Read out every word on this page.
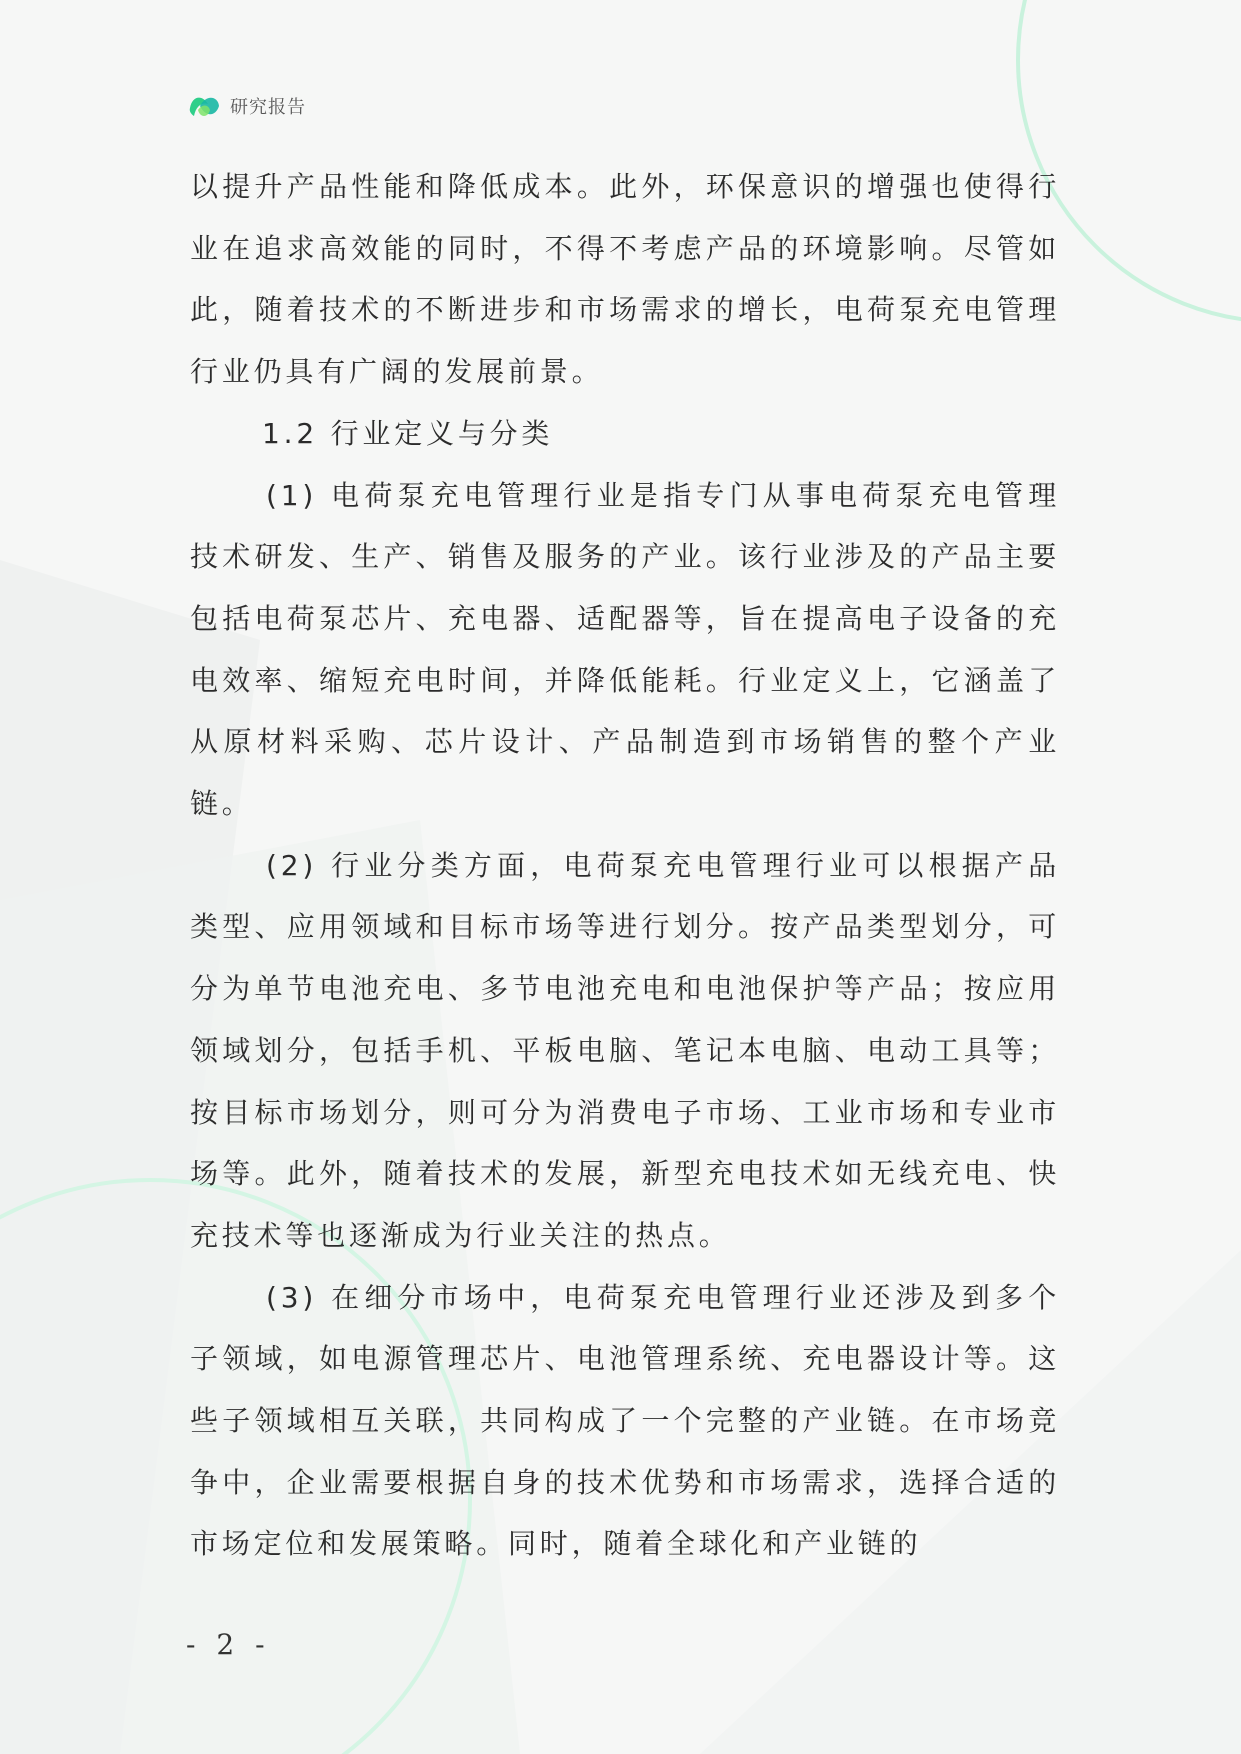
研究报告

以提升产品性能和降低成本。此外，环保意识的增强也使得行业在追求高效能的同时，不得不考虑产品的环境影响。尽管如此，随着技术的不断进步和市场需求的增长，电荷泵充电管理行业仍具有广阔的发展前景。

1.2 行业定义与分类

(1) 电荷泵充电管理行业是指专门从事电荷泵充电管理技术研发、生产、销售及服务的产业。该行业涉及的产品主要包括电荷泵芯片、充电器、适配器等，旨在提高电子设备的充电效率、缩短充电时间，并降低能耗。行业定义上，它涵盖了从原材料采购、芯片设计、产品制造到市场销售的整个产业链。

(2) 行业分类方面，电荷泵充电管理行业可以根据产品类型、应用领域和目标市场等进行划分。按产品类型划分，可分为单节电池充电、多节电池充电和电池保护等产品；按应用领域划分，包括手机、平板电脑、笔记本电脑、电动工具等；按目标市场划分，则可分为消费电子市场、工业市场和专业市场等。此外，随着技术的发展，新型充电技术如无线充电、快充技术等也逐渐成为行业关注的热点。

(3) 在细分市场中，电荷泵充电管理行业还涉及到多个子领域，如电源管理芯片、电池管理系统、充电器设计等。这些子领域相互关联，共同构成了一个完整的产业链。在市场竞争中，企业需要根据自身的技术优势和市场需求，选择合适的市场定位和发展策略。同时，随着全球化和产业链的

- 2 -
